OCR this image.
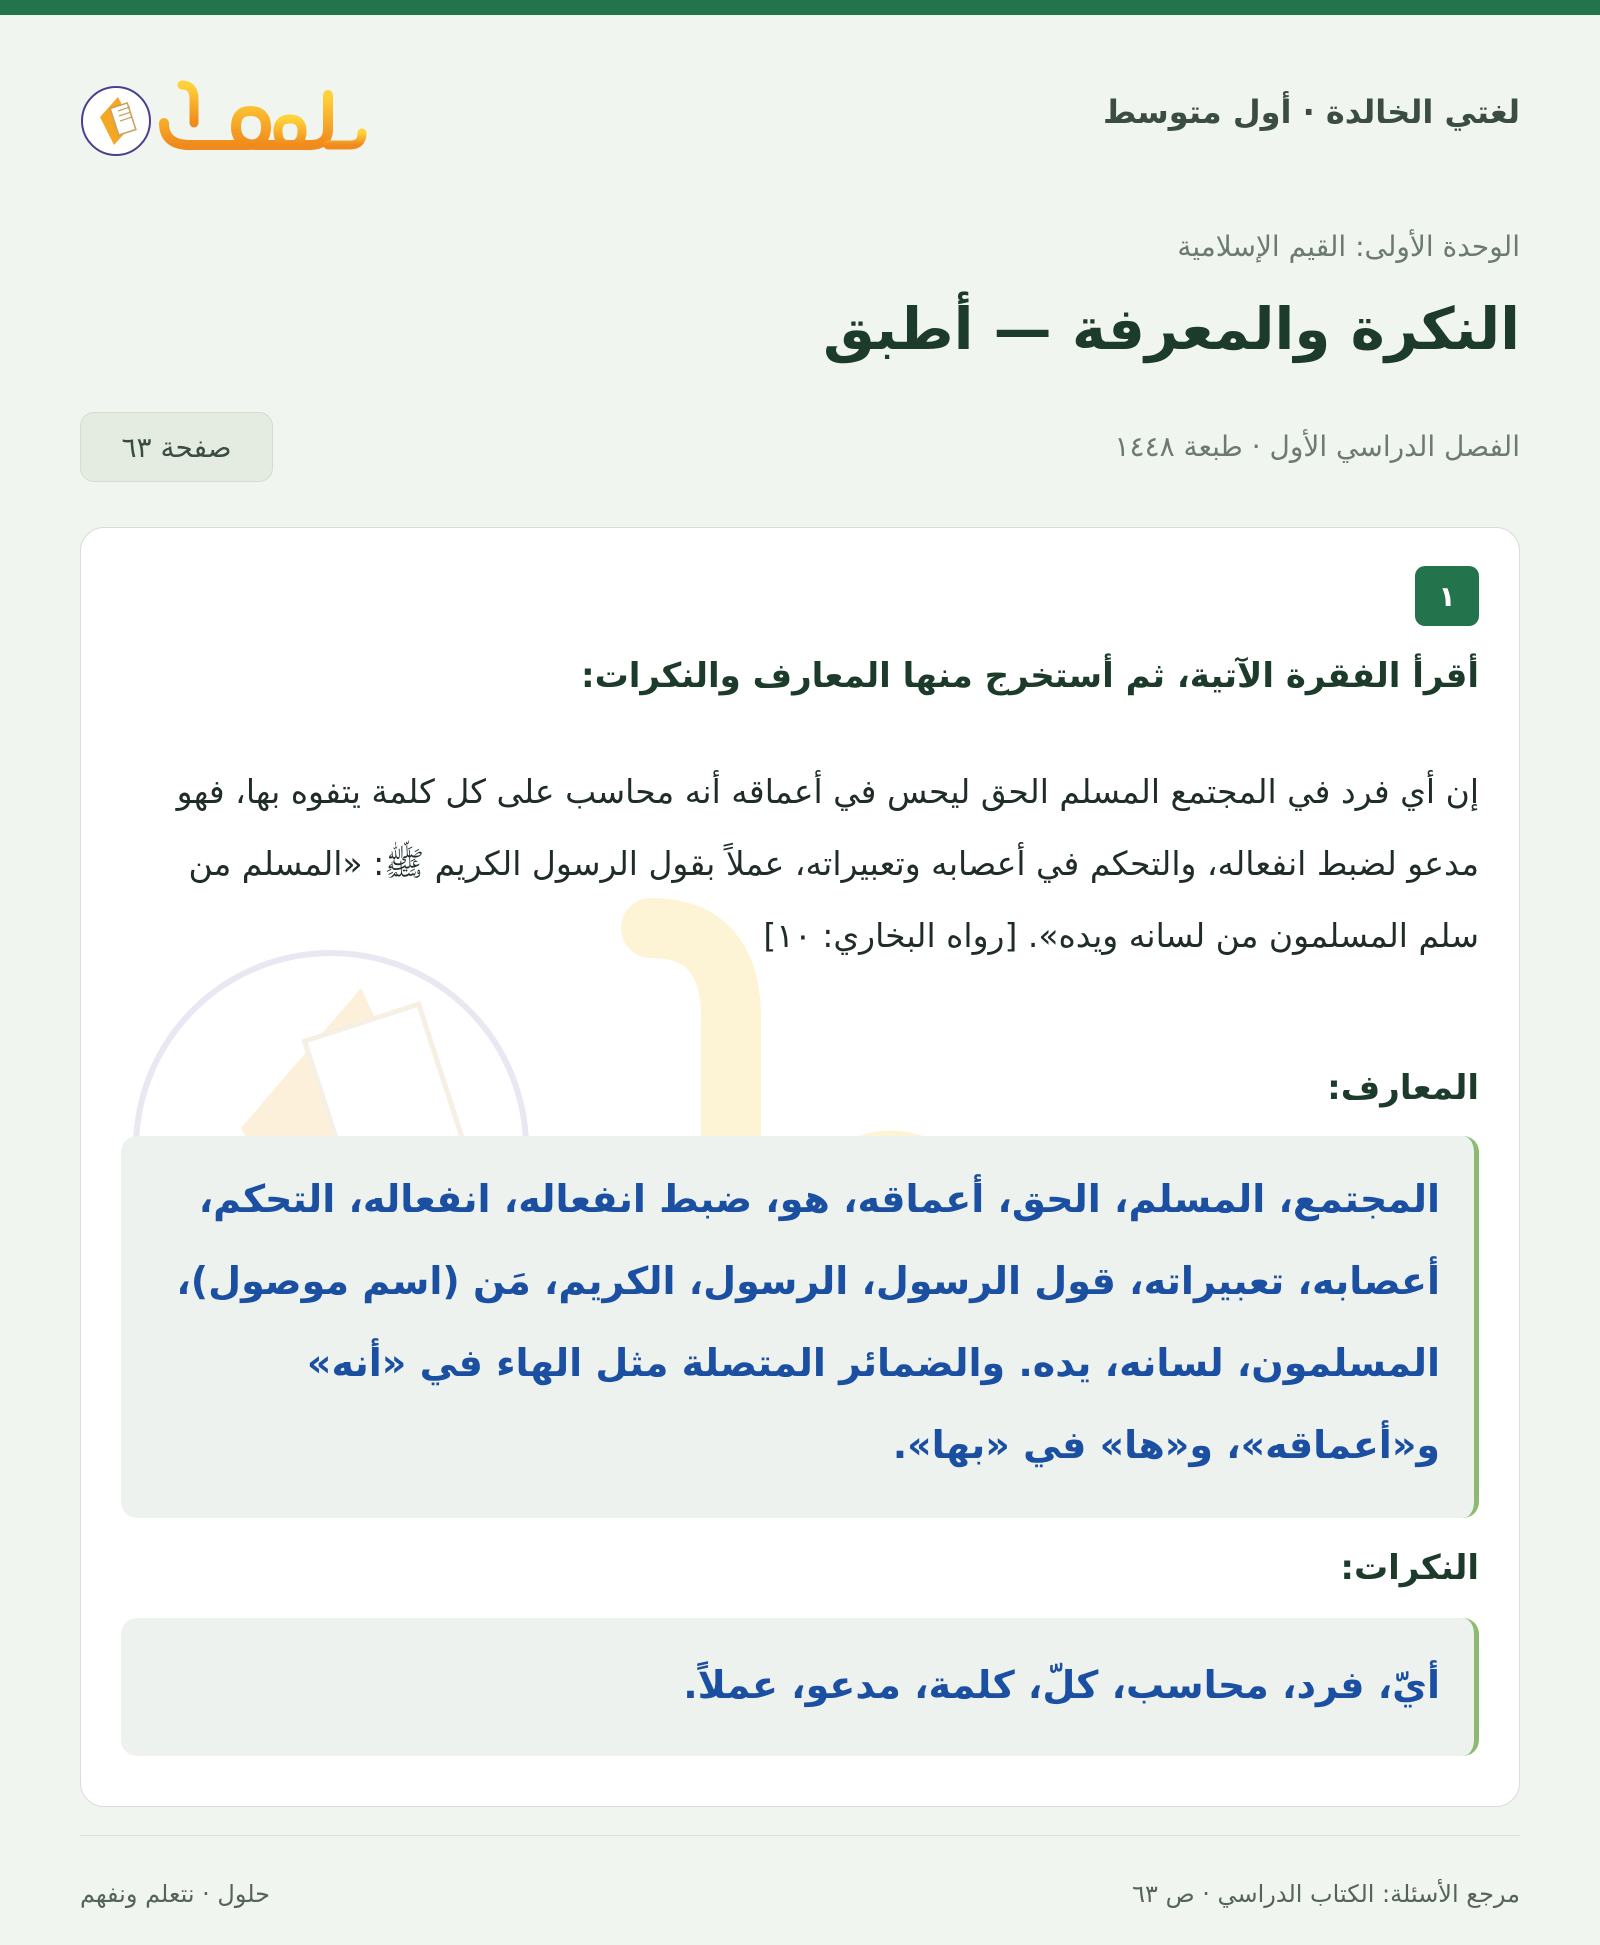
لغتي الخالدة · أول متوسط
الوحدة الأولى: القيم الإسلامية
النكرة والمعرفة — أطبق
الفصل الدراسي الأول · طبعة ١٤٤٨
صفحة ٦٣
١

أقرأ الفقرة الآتية، ثم أستخرج منها المعارف والنكرات:

إن أي فرد في المجتمع المسلم الحق ليحس في أعماقه أنه محاسب على كل كلمة يتفوه بها، فهو مدعو لضبط انفعاله، والتحكم في أعصابه وتعبيراته، عملاً بقول الرسول الكريم ﷺ: «المسلم من سلم المسلمون من لسانه ويده». [رواه البخاري: ١٠]

المعارف:
المجتمع، المسلم، الحق، أعماقه، هو، ضبط انفعاله، انفعاله، التحكم، أعصابه، تعبيراته، قول الرسول، الرسول، الكريم، مَن (اسم موصول)، المسلمون، لسانه، يده. والضمائر المتصلة مثل الهاء في «أنه» و«أعماقه»، و«ها» في «بها».
النكرات:
أيّ، فرد، محاسب، كلّ، كلمة، مدعو، عملاً.
مرجع الأسئلة: الكتاب الدراسي · ص ٦٣
حلول · نتعلم ونفهم
